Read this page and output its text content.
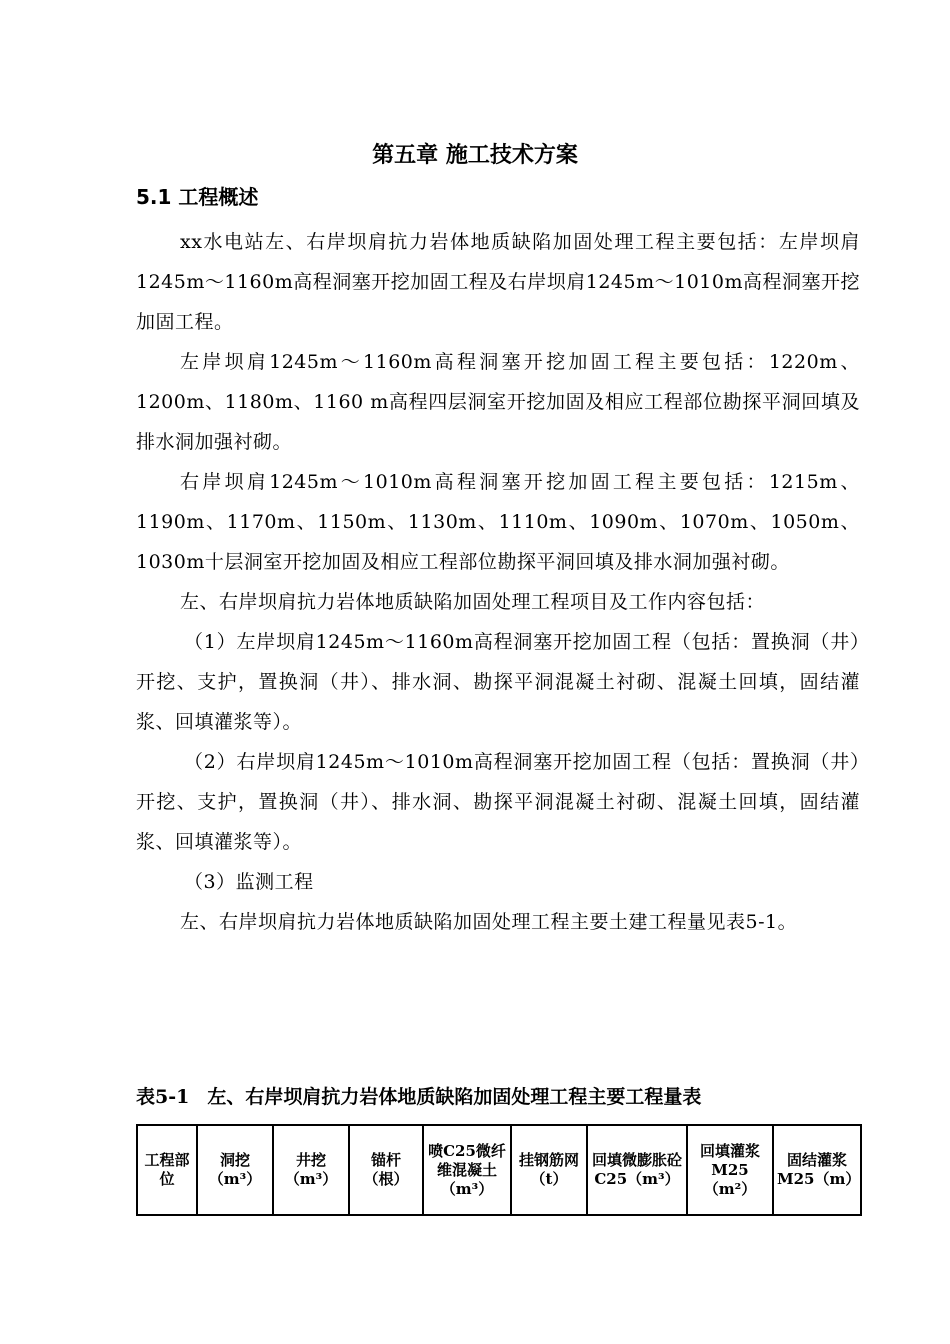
第五章 施工技术方案
5.1 工程概述

xx水电站左、右岸坝肩抗力岩体地质缺陷加固处理工程主要包括：左岸坝肩1245m～1160m高程洞塞开挖加固工程及右岸坝肩1245m～1010m高程洞塞开挖加固工程。

左岸坝肩1245m～1160m高程洞塞开挖加固工程主要包括：1220m、1200m、1180m、1160 m高程四层洞室开挖加固及相应工程部位勘探平洞回填及排水洞加强衬砌。

右岸坝肩1245m～1010m高程洞塞开挖加固工程主要包括：1215m、1190m、1170m、1150m、1130m、1110m、1090m、1070m、1050m、1030m十层洞室开挖加固及相应工程部位勘探平洞回填及排水洞加强衬砌。

左、右岸坝肩抗力岩体地质缺陷加固处理工程项目及工作内容包括：

（1）左岸坝肩1245m～1160m高程洞塞开挖加固工程（包括：置换洞（井）开挖、支护，置换洞（井）、排水洞、勘探平洞混凝土衬砌、混凝土回填，固结灌浆、回填灌浆等）。

（2）右岸坝肩1245m～1010m高程洞塞开挖加固工程（包括：置换洞（井）开挖、支护，置换洞（井）、排水洞、勘探平洞混凝土衬砌、混凝土回填，固结灌浆、回填灌浆等）。

（3）监测工程

左、右岸坝肩抗力岩体地质缺陷加固处理工程主要土建工程量见表5-1。

表5-1 左、右岸坝肩抗力岩体地质缺陷加固处理工程主要工程量表
工程部位	洞挖（m³）	井挖（m³）	锚杆（根）	喷C25微纤维混凝土（m³）	挂钢筋网（t）	回填微膨胀砼C25（m³）	回填灌浆M25（m²）	固结灌浆M25（m）
